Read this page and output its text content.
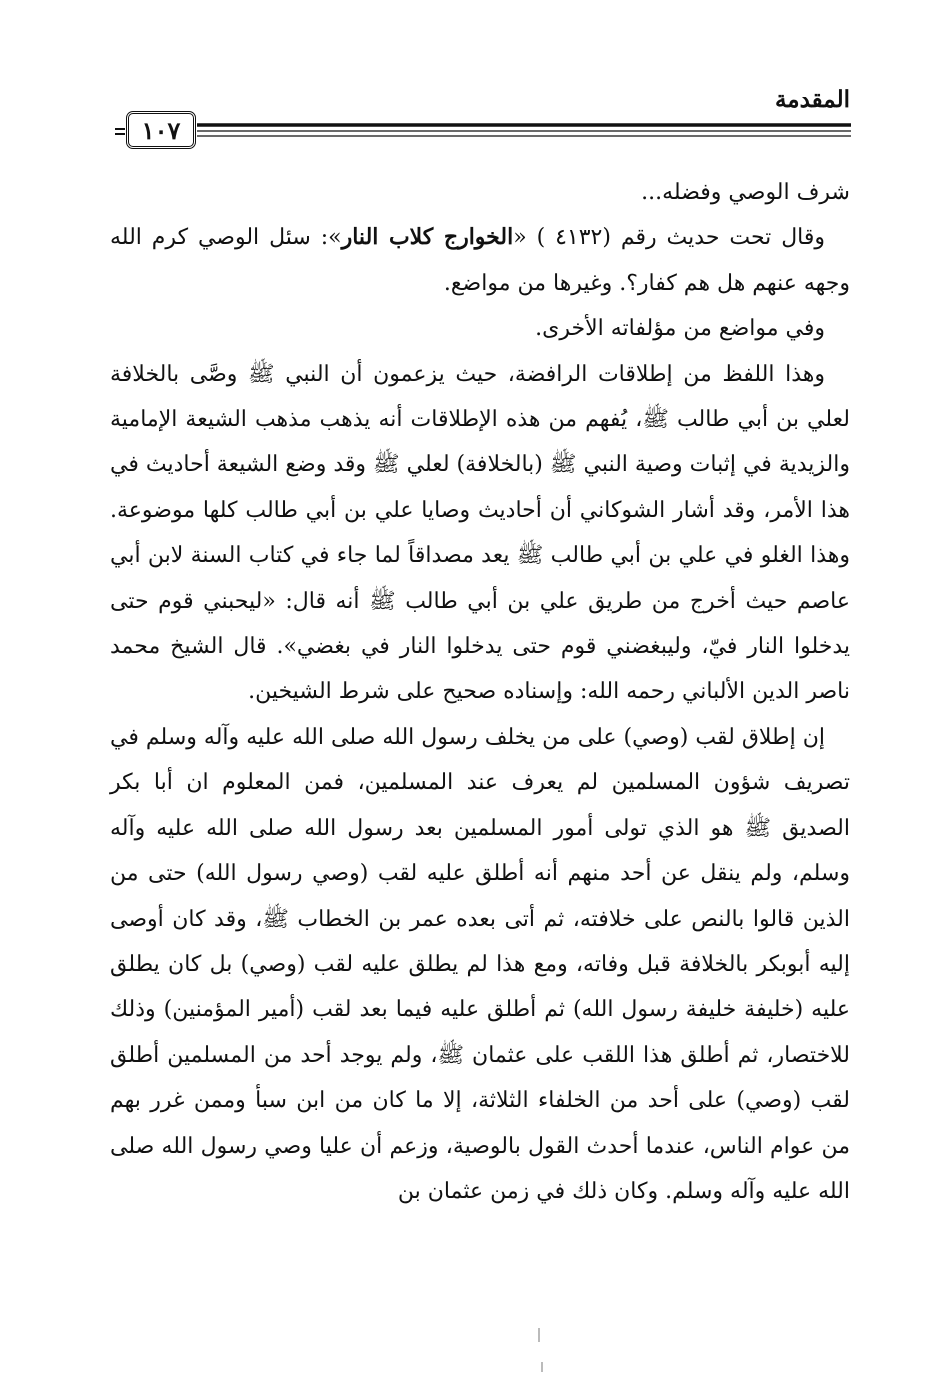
المقدمة
١٠٧

شرف الوصي وفضله...

وقال تحت حديث رقم (٤١٣٢ ) «الخوارج كلاب النار»: سئل الوصي كرم الله وجهه عنهم هل هم كفار؟. وغيرها من مواضع.

وفي مواضع من مؤلفاته الأخرى.

وهذا اللفظ من إطلاقات الرافضة، حيث يزعمون أن النبي ﷺ وصَّى بالخلافة لعلي بن أبي طالب ﷺ، يُفهم من هذه الإطلاقات أنه يذهب مذهب الشيعة الإمامية والزيدية في إثبات وصية النبي ﷺ (بالخلافة) لعلي ﷺ وقد وضع الشيعة أحاديث في هذا الأمر، وقد أشار الشوكاني أن أحاديث وصايا علي بن أبي طالب كلها موضوعة. وهذا الغلو في علي بن أبي طالب ﷺ يعد مصداقاً لما جاء في كتاب السنة لابن أبي عاصم حيث أخرج من طريق علي بن أبي طالب ﷺ أنه قال: «ليحبني قوم حتى يدخلوا النار فيّ، وليبغضني قوم حتى يدخلوا النار في بغضي». قال الشيخ محمد ناصر الدين الألباني رحمه الله: وإسناده صحيح على شرط الشيخين.

إن إطلاق لقب (وصي) على من يخلف رسول الله صلى الله عليه وآله وسلم في تصريف شؤون المسلمين لم يعرف عند المسلمين، فمن المعلوم ان أبا بكر الصديق ﷺ هو الذي تولى أمور المسلمين بعد رسول الله صلى الله عليه وآله وسلم، ولم ينقل عن أحد منهم أنه أطلق عليه لقب (وصي رسول الله) حتى من الذين قالوا بالنص على خلافته، ثم أتى بعده عمر بن الخطاب ﷺ، وقد كان أوصى إليه أبوبكر بالخلافة قبل وفاته، ومع هذا لم يطلق عليه لقب (وصي) بل كان يطلق عليه (خليفة خليفة رسول الله) ثم أطلق عليه فيما بعد لقب (أمير المؤمنين) وذلك للاختصار، ثم أطلق هذا اللقب على عثمان ﷺ، ولم يوجد أحد من المسلمين أطلق لقب (وصي) على أحد من الخلفاء الثلاثة، إلا ما كان من ابن سبأ وممن غرر بهم من عوام الناس، عندما أحدث القول بالوصية، وزعم أن عليا وصي رسول الله صلى الله عليه وآله وسلم. وكان ذلك في زمن عثمان بن
